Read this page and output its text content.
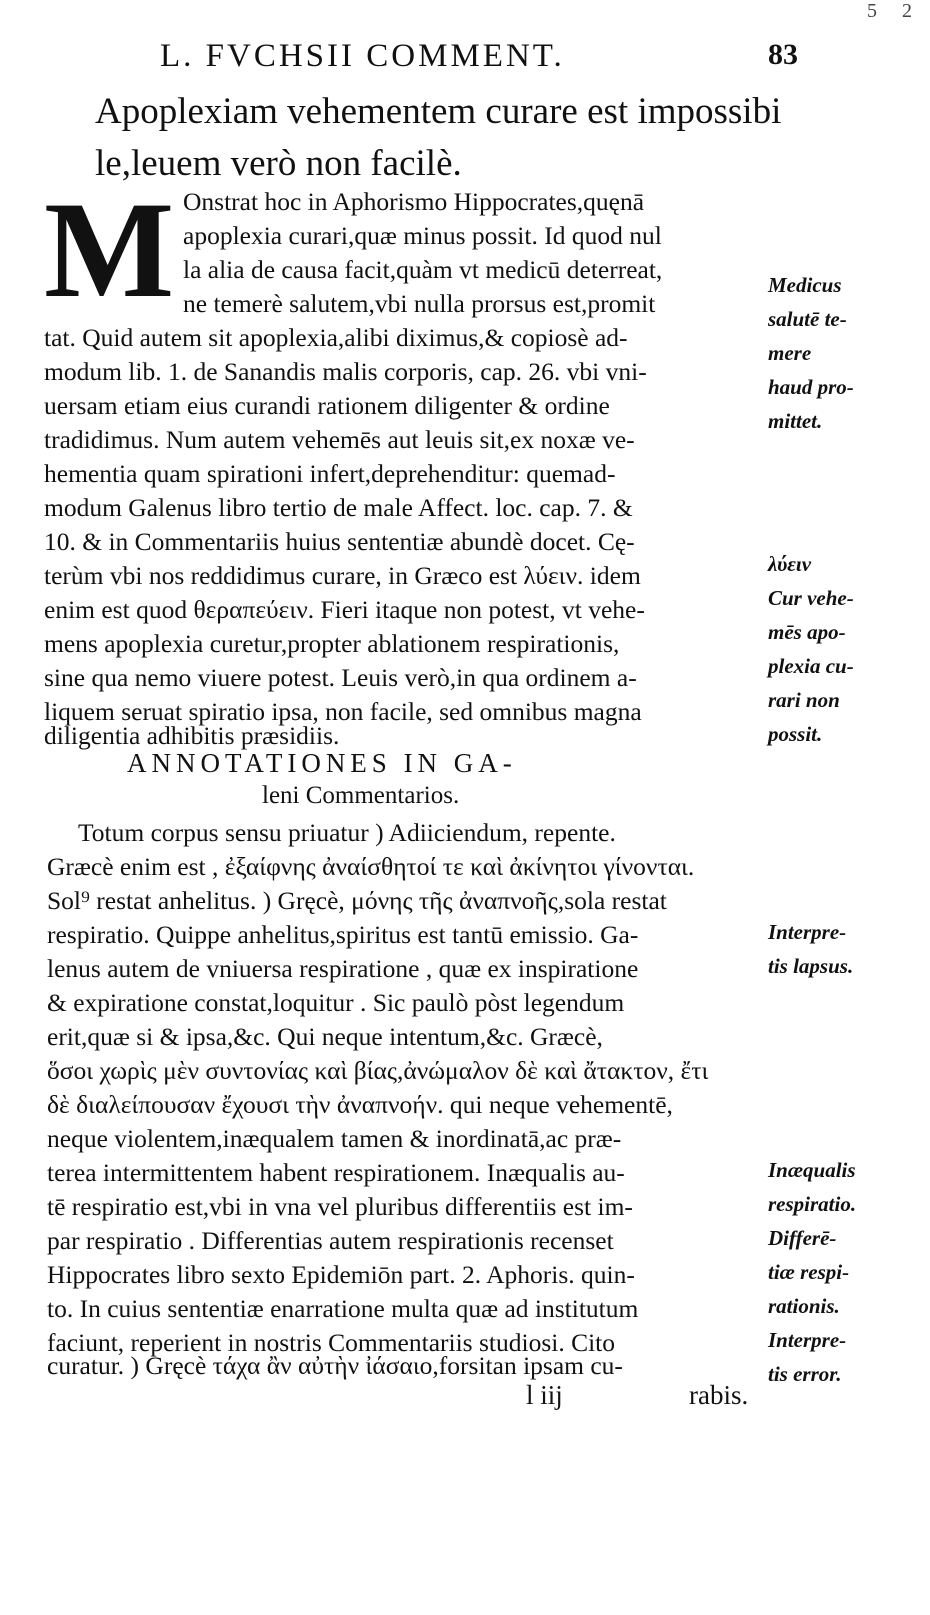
5 2
L. FVCHSII COMMENT.	83
Apoplexiam vehementem curare est impossibi
le,leuem verò non facilè.
M Onstrat hoc in Aphorismo Hippocrates,quęnā
apoplexia curari,quæ minus possit. Id quod nul
la alia de causa facit,quàm vt medicū deterreat,
ne temerè salutem,vbi nulla prorsus est,promit
tat. Quid autem sit apoplexia,alibi diximus,& copiosè ad-
modum lib. 1. de Sanandis malis corporis, cap. 26. vbi vni-
uersam etiam eius curandi rationem diligenter & ordine
tradidimus. Num autem vehemēs aut leuis sit,ex noxæ ve-
hementia quam spirationi infert,deprehenditur: quemad-
modum Galenus libro tertio de male Affect. loc. cap. 7. &
10. & in Commentariis huius sententiæ abundè docet. Cę-
terùm vbi nos reddidimus curare, in Græco est λύειν. idem
enim est quod θεραπεύειν. Fieri itaque non potest, vt vehe-
mens apoplexia curetur,propter ablationem respirationis,
sine qua nemo viuere potest. Leuis verò,in qua ordinem a-
liquem seruat spiratio ipsa, non facile, sed omnibus magna
diligentia adhibitis præsidiis.
ANNOTATIONES IN GA-
leni Commentarios.
Totum corpus sensu priuatur ) Adiiciendum, repente.
Græcè enim est , ἐξαίφνης ἀναίσθητοί τε καὶ ἀκίνητοι γίνονται.
Sol⁹ restat anhelitus. ) Gręcè, μόνης τῆς ἀναπνοῆς,sola restat
respiratio. Quippe anhelitus,spiritus est tantū emissio. Ga-
lenus autem de vniuersa respiratione , quæ ex inspiratione
& expiratione constat,loquitur . Sic paulò pòst legendum
erit,quæ si & ipsa,&c. Qui neque intentum,&c. Græcè,
ὅσοι χωρὶς μὲν συντονίας καὶ βίας,ἀνώμαλον δὲ καὶ ἄτακτον, ἔτι
δὲ διαλείπουσαν ἔχουσι τὴν ἀναπνοήν. qui neque vehementē,
neque violentem,inæqualem tamen & inordinatā,ac præ-
terea intermittentem habent respirationem. Inæqualis au-
tē respiratio est,vbi in vna vel pluribus differentiis est im-
par respiratio . Differentias autem respirationis recenset
Hippocrates libro sexto Epidemiōn part. 2. Aphoris. quin-
to. In cuius sententiæ enarratione multa quæ ad institutum
faciunt, reperient in nostris Commentariis studiosi. Cito
curatur. ) Gręcè τάχα ἂν αὐτὴν ἰάσαιο,forsitan ipsam cu-
Medicus
salutē te-
mere
haud pro-
mittet.
λύειν
Cur vehe-
mēs apo-
plexia cu-
rari non
possit.
Interpre-
tis lapsus.
Inæqualis
respiratio.
Differē-
tiæ respi-
rationis.
Interpre-
tis error.
l iij	rabis.
